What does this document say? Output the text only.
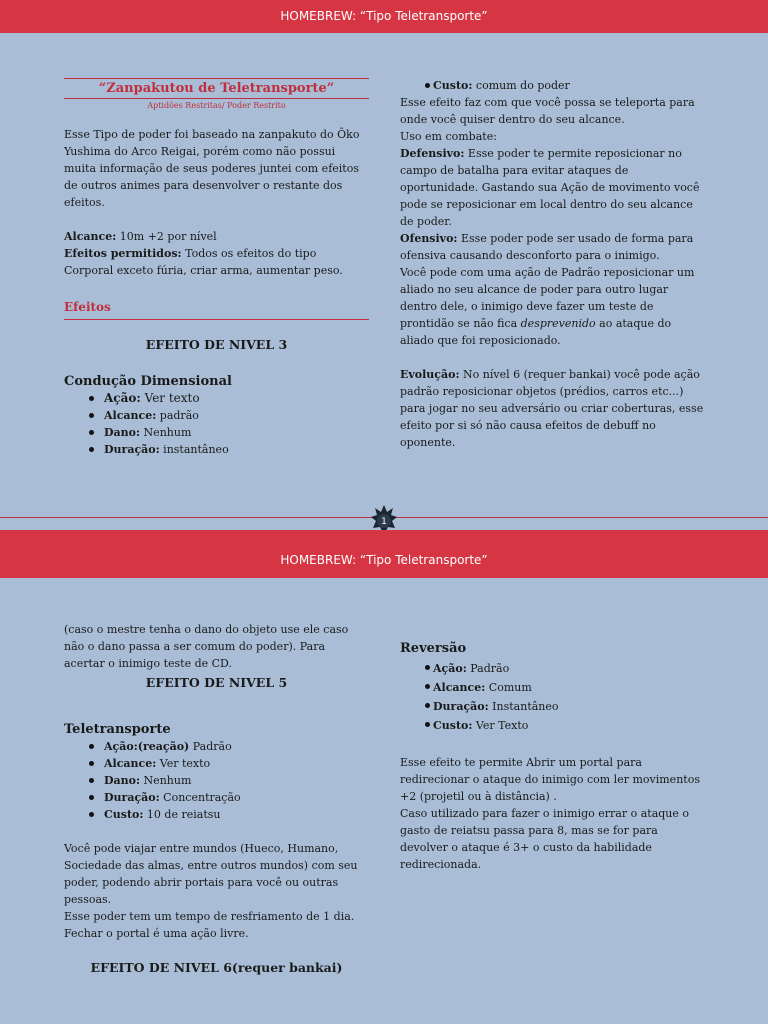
HOMEBREW: “Tipo Teletransporte”
“Zanpakutou de Teletransporte”
Aptidões Restritas/ Poder Restrito

Esse Tipo de poder foi baseado na zanpakuto do Ōko Yushima do Arco Reigai, porém como não possui muita informação de seus poderes juntei com efeitos de outros animes para desenvolver o restante dos efeitos.

Alcance: 10m +2 por nível

Efeitos permitidos: Todos os efeitos do tipo Corporal exceto fúria, criar arma, aumentar peso.

Efeitos
EFEITO DE NIVEL 3
Condução Dimensional
Ação: Ver texto
Alcance: padrão
Dano: Nenhum
Duração: instantâneo
Custo: comum do poder

Esse efeito faz com que você possa se teleporta para onde você quiser dentro do seu alcance.

Uso em combate:

Defensivo: Esse poder te permite reposicionar no campo de batalha para evitar ataques de oportunidade. Gastando sua Ação de movimento você pode se reposicionar em local dentro do seu alcance de poder.

Ofensivo: Esse poder pode ser usado de forma para ofensiva causando desconforto para o inimigo.

Você pode com uma ação de Padrão reposicionar um aliado no seu alcance de poder para outro lugar dentro dele, o inimigo deve fazer um teste de prontidão se não fica desprevenido ao ataque do aliado que foi reposicionado.

Evolução: No nível 6 (requer bankai) você pode ação padrão reposicionar objetos (prédios, carros etc...) para jogar no seu adversário ou criar coberturas, esse efeito por si só não causa efeitos de debuff no oponente.

1
HOMEBREW: “Tipo Teletransporte”

(caso o mestre tenha o dano do objeto use ele caso não o dano passa a ser comum do poder). Para acertar o inimigo teste de CD.

EFEITO DE NIVEL 5
Teletransporte
Ação:(reação) Padrão
Alcance: Ver texto
Dano: Nenhum
Duração: Concentração
Custo: 10 de reiatsu

Você pode viajar entre mundos (Hueco, Humano, Sociedade das almas, entre outros mundos) com seu poder, podendo abrir portais para você ou outras pessoas.

Esse poder tem um tempo de resfriamento de 1 dia.

Fechar o portal é uma ação livre.

EFEITO DE NIVEL 6(requer bankai)
Reversão
Ação: Padrão
Alcance: Comum
Duração: Instantâneo
Custo: Ver Texto

Esse efeito te permite Abrir um portal para redirecionar o ataque do inimigo com ler movimentos +2 (projetil ou à distância) .

Caso utilizado para fazer o inimigo errar o ataque o gasto de reiatsu passa para 8, mas se for para devolver o ataque é 3+ o custo da habilidade redirecionada.
